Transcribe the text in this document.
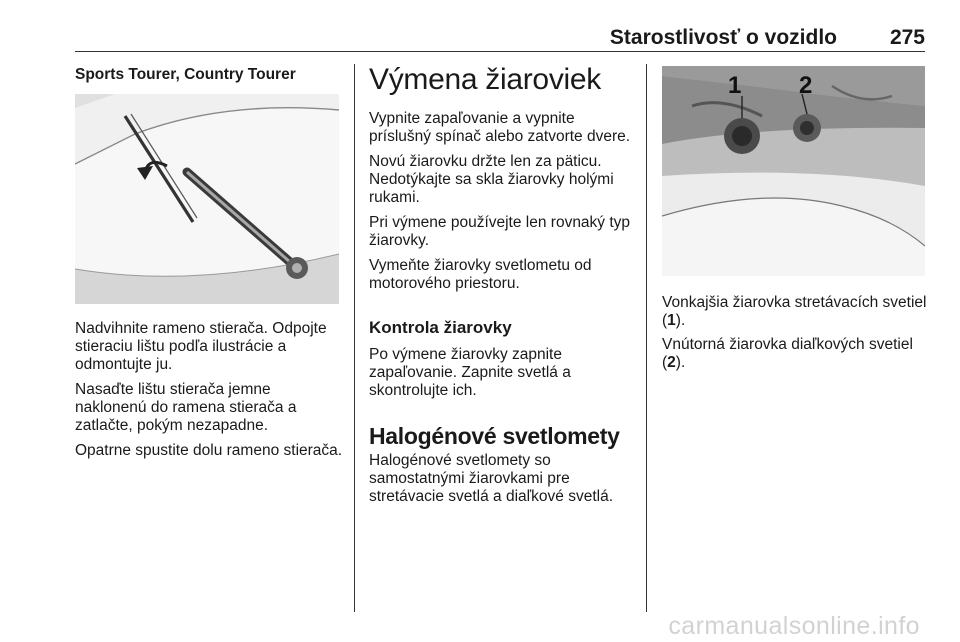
Starostlivosť o vozidlo	275
Sports Tourer, Country Tourer

Nadvihnite rameno stierača. Odpojte stieraciu lištu podľa ilustrácie a odmontujte ju.

Nasaďte lištu stierača jemne naklonenú do ramena stierača a zatlačte, pokým nezapadne.

Opatrne spustite dolu rameno stierača.

Výmena žiaroviek

Vypnite zapaľovanie a vypnite príslušný spínač alebo zatvorte dvere.

Novú žiarovku držte len za päticu. Nedotýkajte sa skla žiarovky holými rukami.

Pri výmene používejte len rovnaký typ žiarovky.

Vymeňte žiarovky svetlometu od motorového priestoru.

Kontrola žiarovky

Po výmene žiarovky zapnite zapaľovanie. Zapnite svetlá a skontrolujte ich.

Halogénové svetlomety

Halogénové svetlomety so samostatnými žiarovkami pre stretávacie svetlá a diaľkové svetlá.

1 2

Vonkajšia žiarovka stretávacích svetiel (1).

Vnútorná žiarovka diaľkových svetiel (2).

carmanualsonline.info
